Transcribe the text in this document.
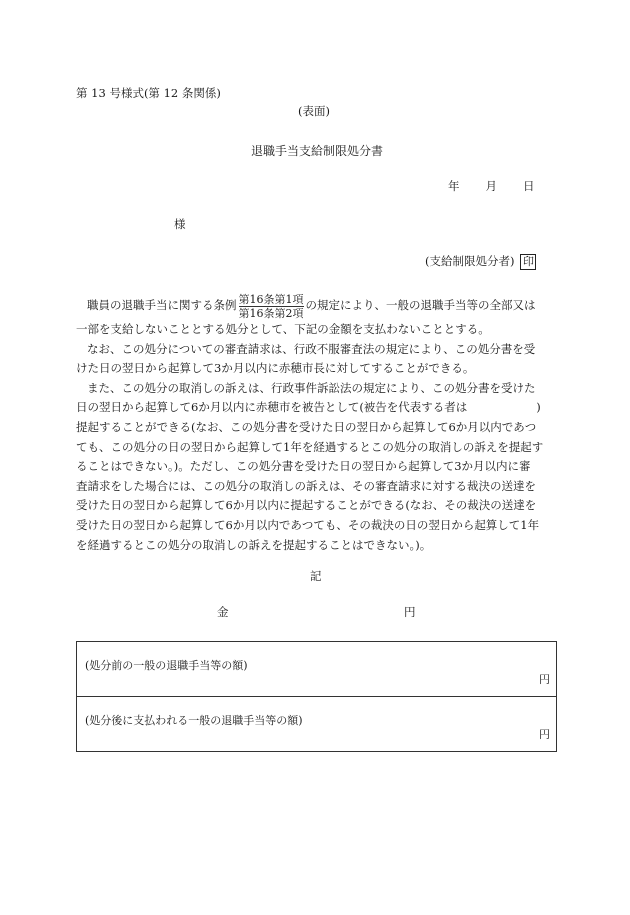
第 13 号様式(第 12 条関係)
(表面)
退職手当支給制限処分書
年 月 日
様
(支給制限処分者) 印
職員の退職手当に関する条例 $\frac{\text{第16条第1項}}{\text{第16条第2項}}$ の規定により、一般の退職手当等の全部又は
一部を支給しないこととする処分として、下記の金額を支払わないこととする。
なお、この処分についての審査請求は、行政不服審査法の規定により、この処分書を受
けた日の翌日から起算して3か月以内に赤穂市長に対してすることができる。
また、この処分の取消しの訴えは、行政事件訴訟法の規定により、この処分書を受けた
日の翌日から起算して6か月以内に赤穂市を被告として(被告を代表する者は　　　　　　)
提起することができる(なお、この処分書を受けた日の翌日から起算して6か月以内であつ
ても、この処分の日の翌日から起算して1年を経過するとこの処分の取消しの訴えを提起す
ることはできない。)。ただし、この処分書を受けた日の翌日から起算して3か月以内に審
査請求をした場合には、この処分の取消しの訴えは、その審査請求に対する裁決の送達を
受けた日の翌日から起算して6か月以内に提起することができる(なお、その裁決の送達を
受けた日の翌日から起算して6か月以内であつても、その裁決の日の翌日から起算して1年
を経過するとこの処分の取消しの訴えを提起することはできない。)。
記
金	円
(処分前の一般の退職手当等の額)
円

(処分後に支払われる一般の退職手当等の額)
円
